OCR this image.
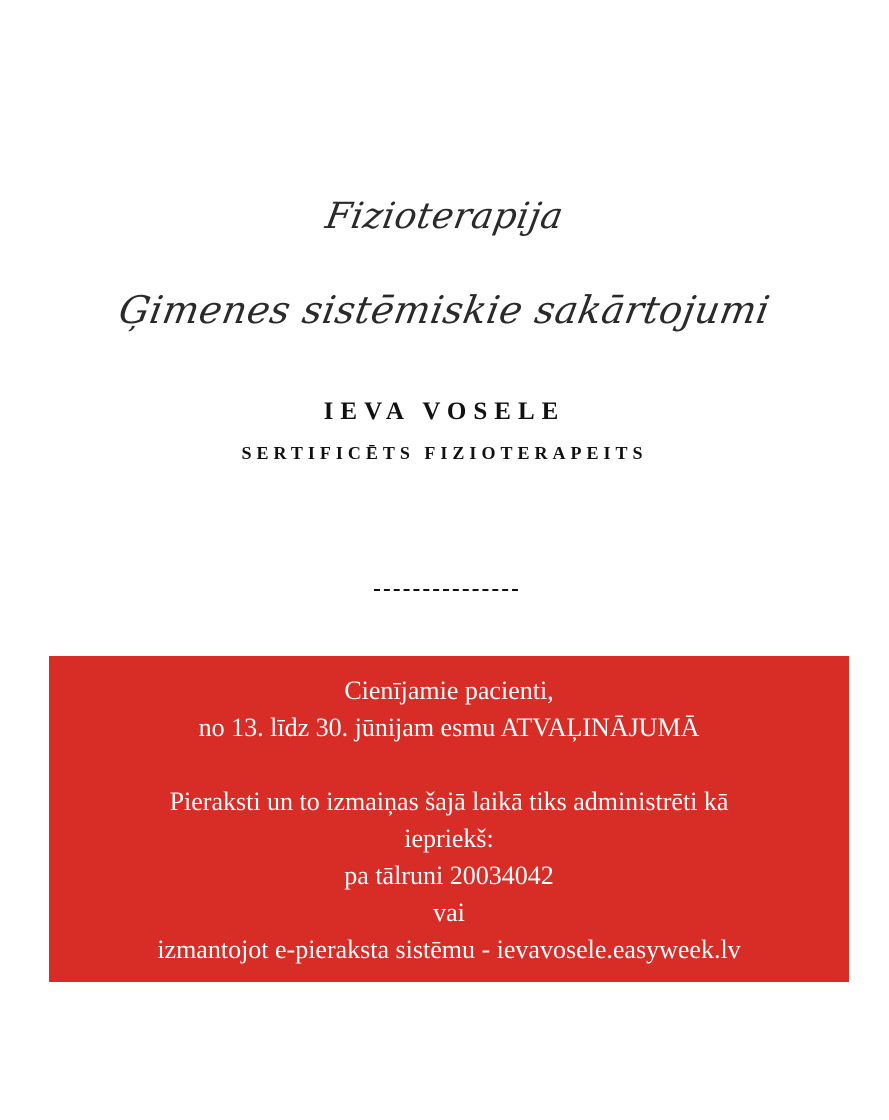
Fizioterapija
Ģimenes sistēmiskie sakārtojumi
IEVA VOSELE
SERTIFICĒTS FIZIOTERAPEITS
Cienījamie pacienti,
no 13. līdz 30. jūnijam esmu ATVAĻINĀJUMĀ
Pieraksti un to izmaiņas šajā laikā tiks administrēti kā
iepriekš:
pa tālruni 20034042
vai
izmantojot e-pieraksta sistēmu - ievavosele.easyweek.lv
